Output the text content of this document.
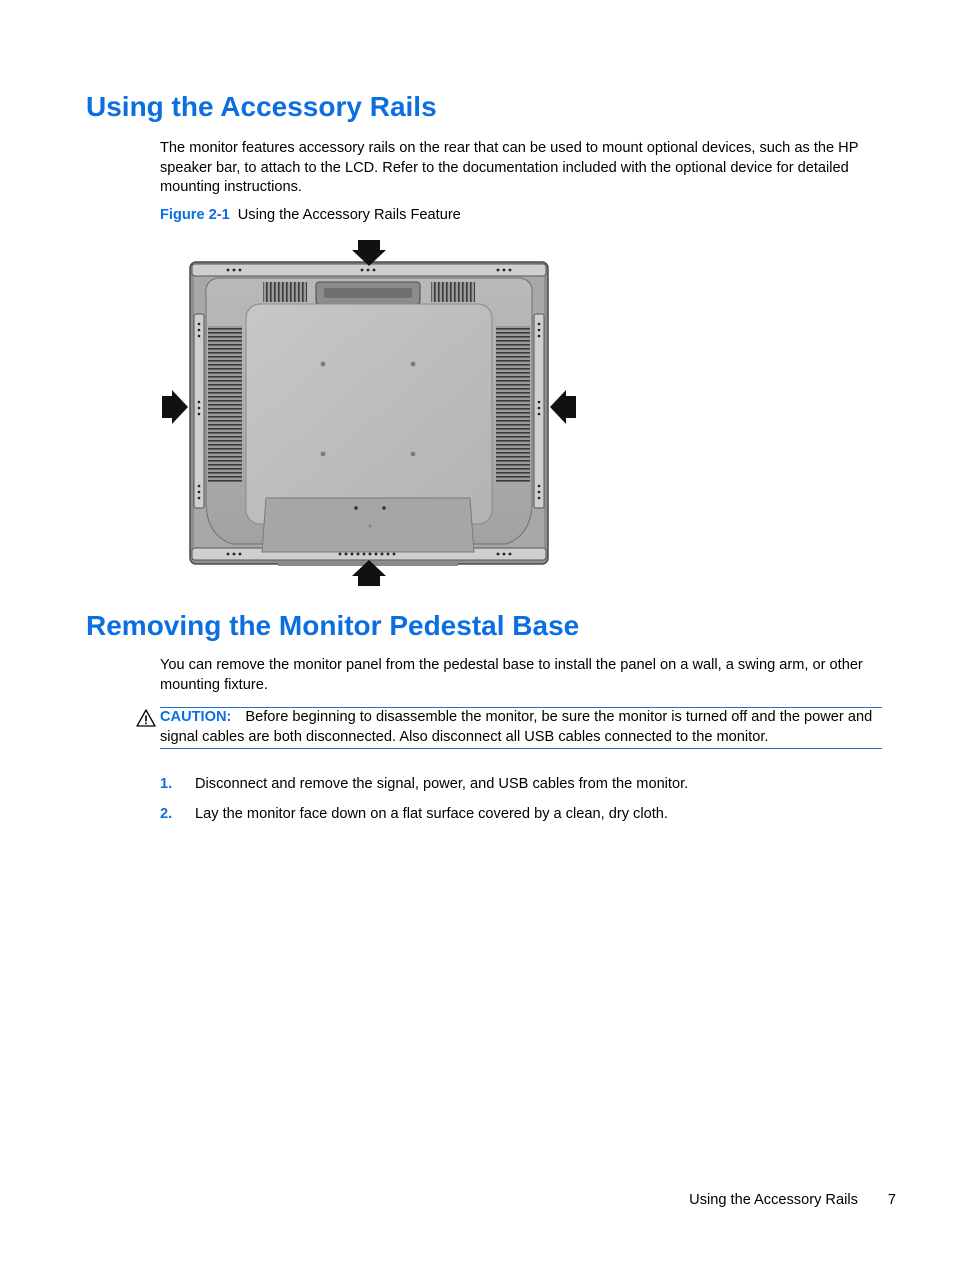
Using the Accessory Rails

The monitor features accessory rails on the rear that can be used to mount optional devices, such as the HP speaker bar, to attach to the LCD. Refer to the documentation included with the optional device for detailed mounting instructions.

Figure 2-1 Using the Accessory Rails Feature

Removing the Monitor Pedestal Base

You can remove the monitor panel from the pedestal base to install the panel on a wall, a swing arm, or other mounting fixture.

CAUTION: Before beginning to disassemble the monitor, be sure the monitor is turned off and the power and signal cables are both disconnected. Also disconnect all USB cables connected to the monitor.
1. Disconnect and remove the signal, power, and USB cables from the monitor.
2. Lay the monitor face down on a flat surface covered by a clean, dry cloth.
Using the Accessory Rails 7
